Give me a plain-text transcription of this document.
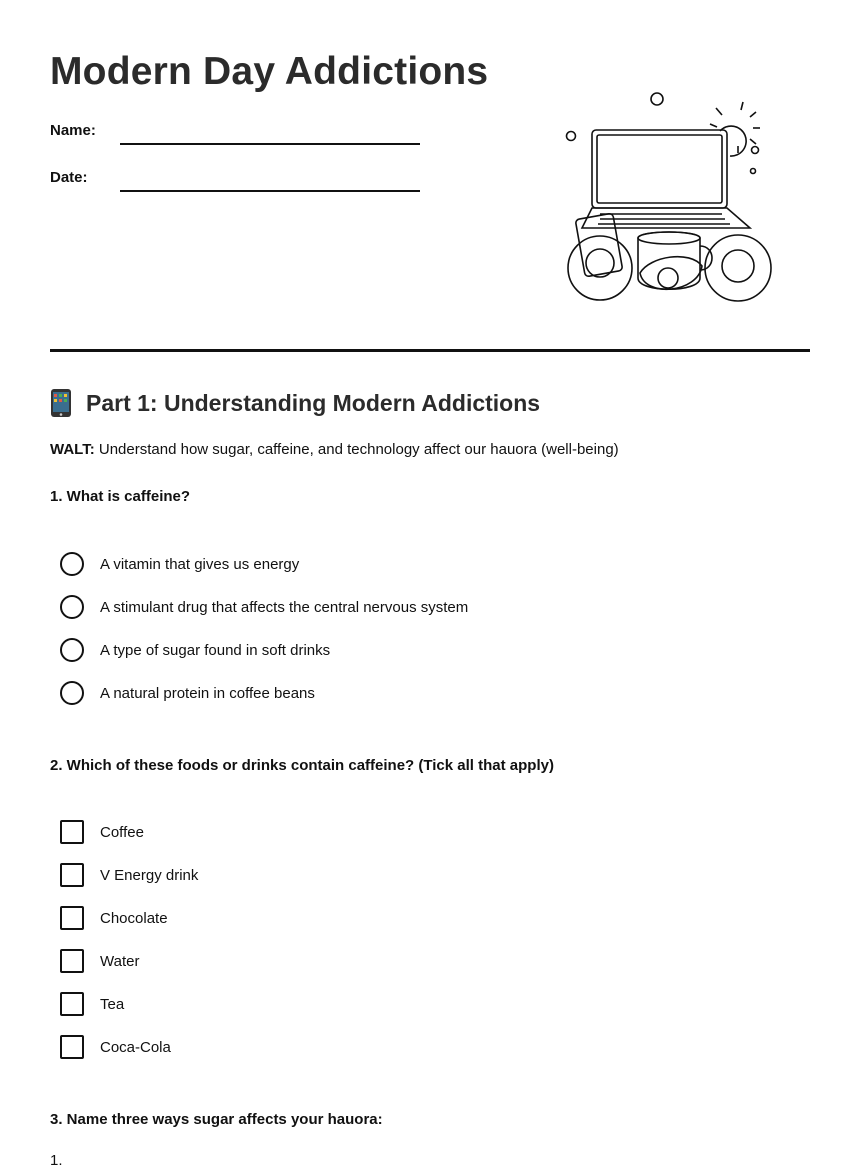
Modern Day Addictions
Name:
Date:
Part 1: Understanding Modern Addictions
WALT: Understand how sugar, caffeine, and technology affect our hauora (well-being)
1. What is caffeine?
A vitamin that gives us energy
A stimulant drug that affects the central nervous system
A type of sugar found in soft drinks
A natural protein in coffee beans
2. Which of these foods or drinks contain caffeine? (Tick all that apply)
Coffee
V Energy drink
Chocolate
Water
Tea
Coca-Cola
3. Name three ways sugar affects your hauora:
1.
